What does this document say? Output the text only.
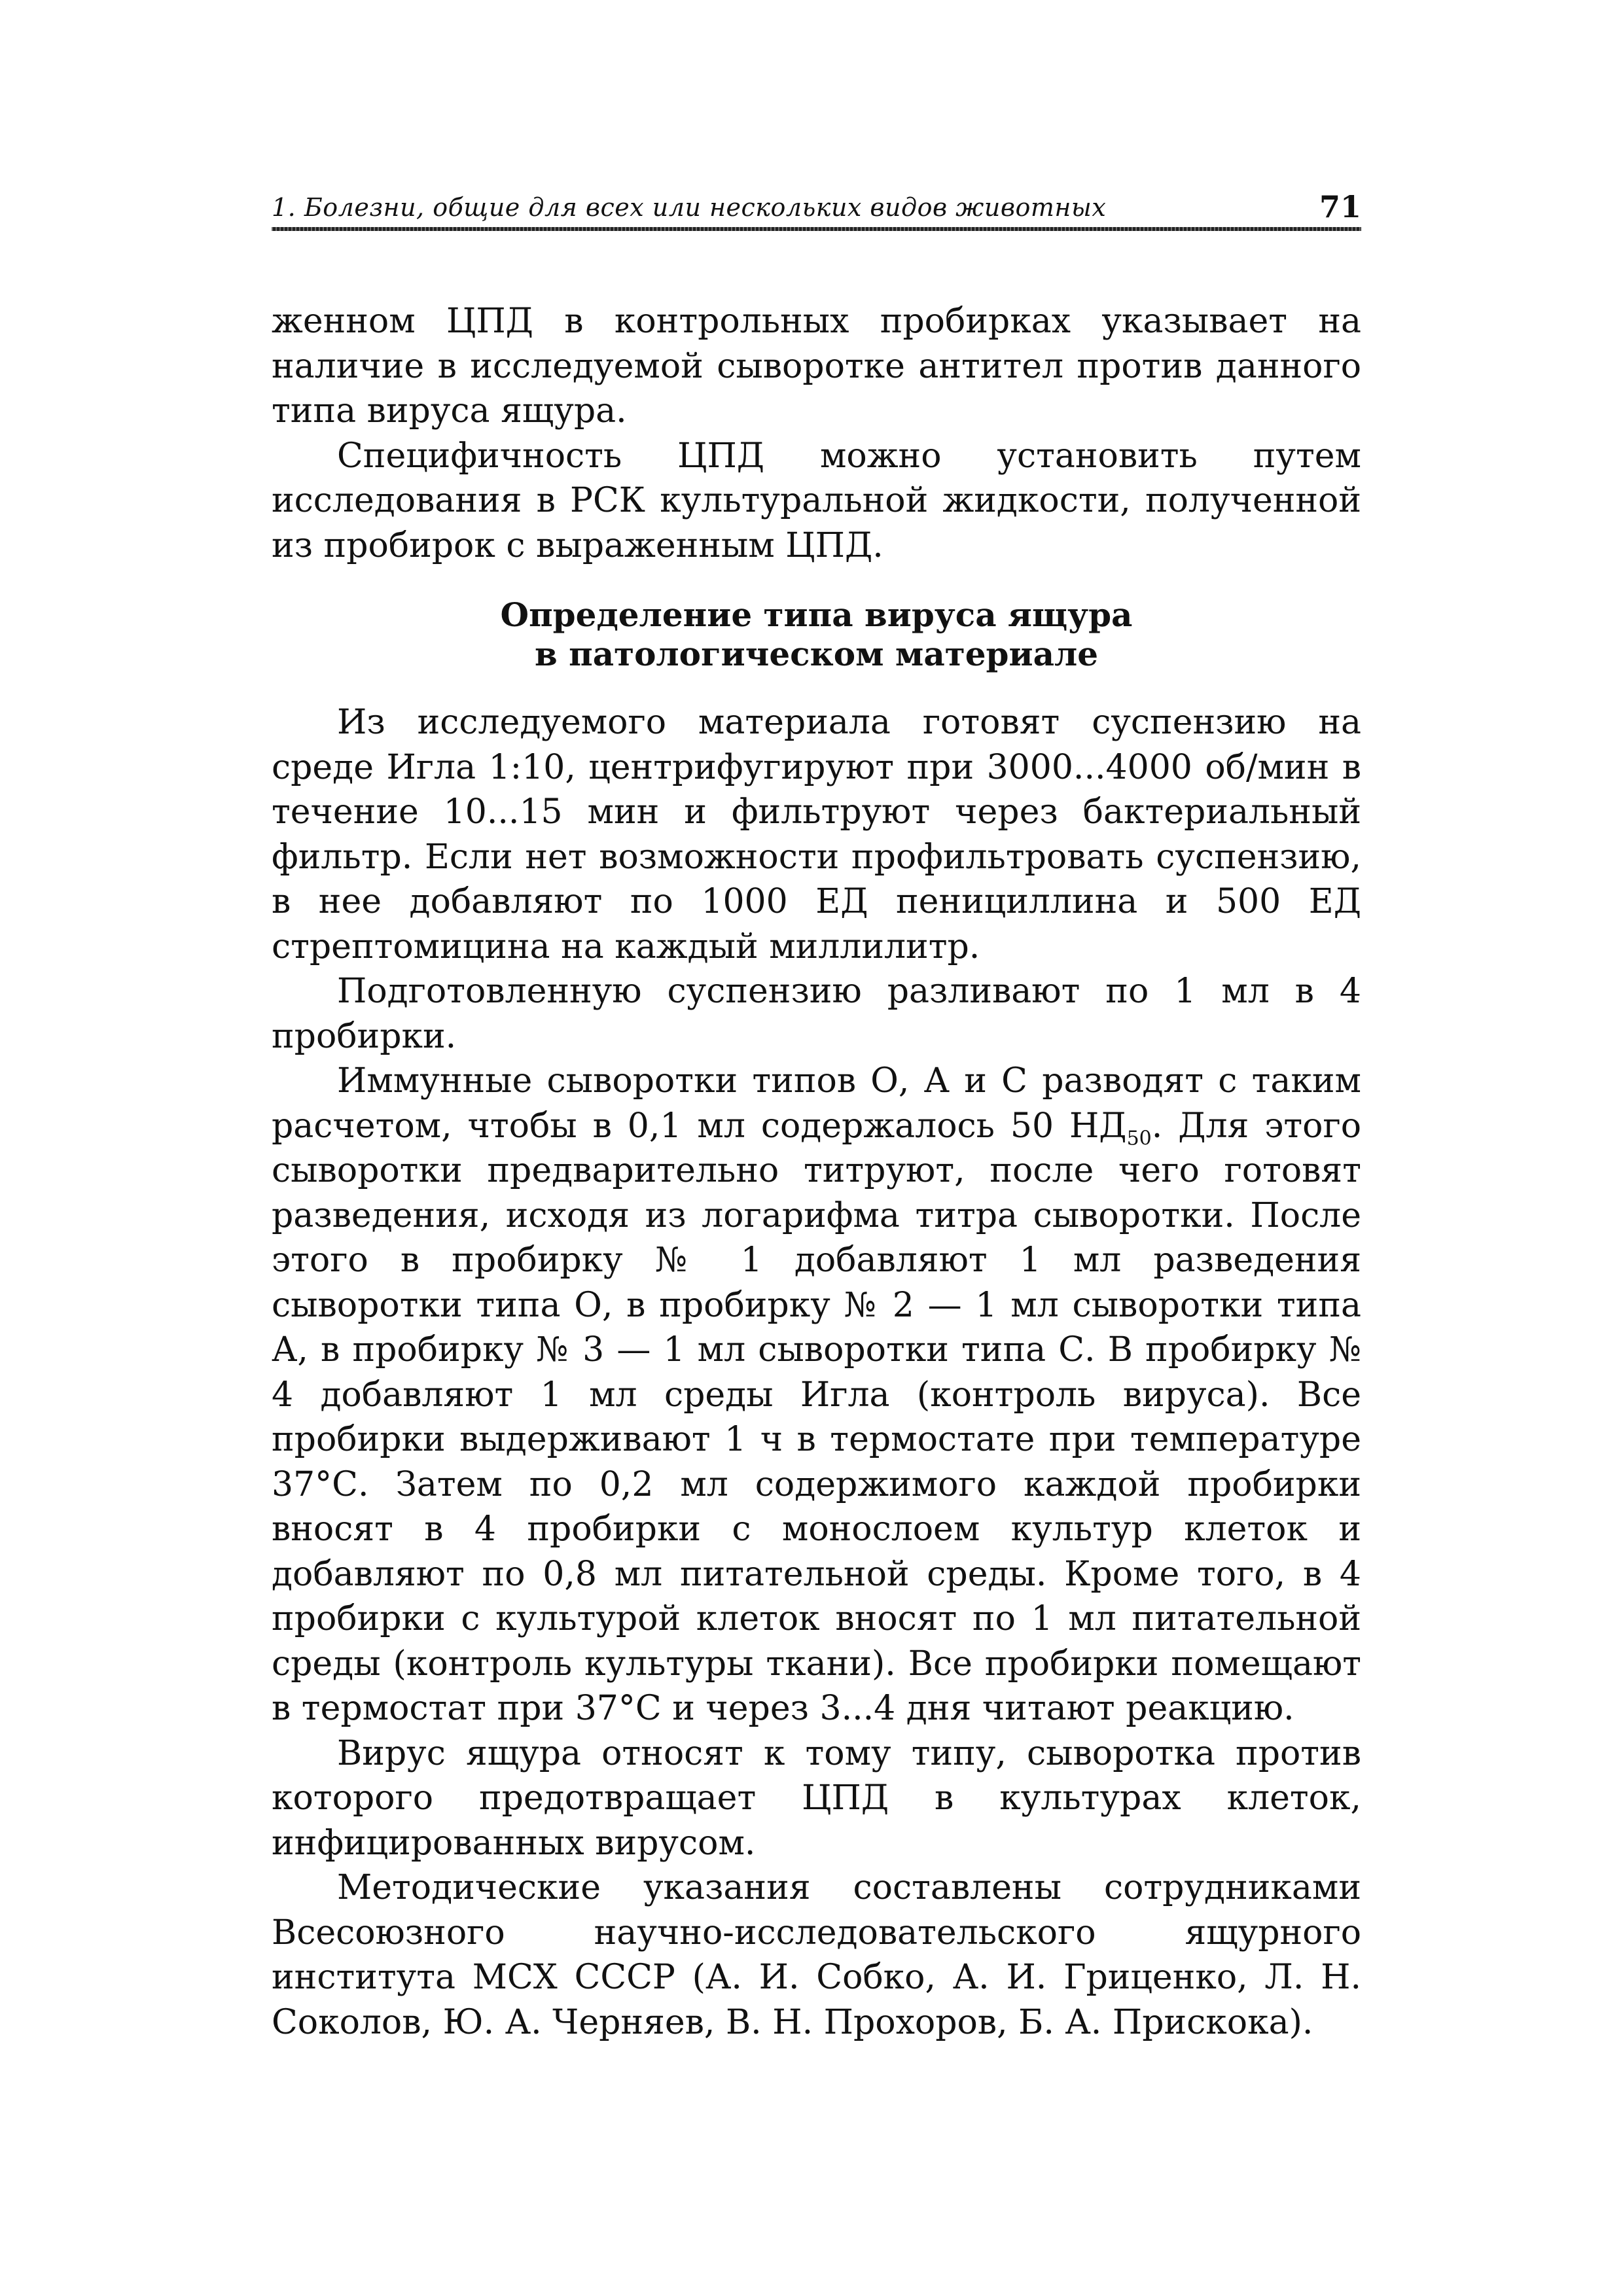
1. Болезни, общие для всех или нескольких видов животных	71

женном ЦПД в контрольных пробирках указывает на наличие в исследуемой сыворотке антител против данного типа вируса ящура.

Специфичность ЦПД можно установить путем исследования в РСК культуральной жидкости, полученной из пробирок с выраженным ЦПД.

Определение типа вируса ящура
в патологическом материале

Из исследуемого материала готовят суспензию на среде Игла 1:10, центрифугируют при 3000...4000 об/мин в течение 10...15 мин и фильтруют через бактериальный фильтр. Если нет возможности профильтровать суспензию, в нее добавляют по 1000 ЕД пенициллина и 500 ЕД стрептомицина на каждый миллилитр.

Подготовленную суспензию разливают по 1 мл в 4 пробирки.

Иммунные сыворотки типов О, А и С разводят с таким расчетом, чтобы в 0,1 мл содержалось 50 $НД_{50}$. Для этого сыворотки предварительно титруют, после чего готовят разведения, исходя из логарифма титра сыворотки. После этого в пробирку № 1 добавляют 1 мл разведения сыворотки типа О, в пробирку № 2 — 1 мл сыворотки типа А, в пробирку № 3 — 1 мл сыворотки типа С. В пробирку № 4 добавляют 1 мл среды Игла (контроль вируса). Все пробирки выдерживают 1 ч в термостате при температуре 37°С. Затем по 0,2 мл содержимого каждой пробирки вносят в 4 пробирки с монослоем культур клеток и добавляют по 0,8 мл питательной среды. Кроме того, в 4 пробирки с культурой клеток вносят по 1 мл питательной среды (контроль культуры ткани). Все пробирки помещают в термостат при 37°С и через 3...4 дня читают реакцию.

Вирус ящура относят к тому типу, сыворотка против которого предотвращает ЦПД в культурах клеток, инфицированных вирусом.

Методические указания составлены сотрудниками Всесоюзного научно-исследовательского ящурного института МСХ СССР (А. И. Собко, А. И. Гриценко, Л. Н. Соколов, Ю. А. Черняев, В. Н. Прохоров, Б. А. Прискока).
